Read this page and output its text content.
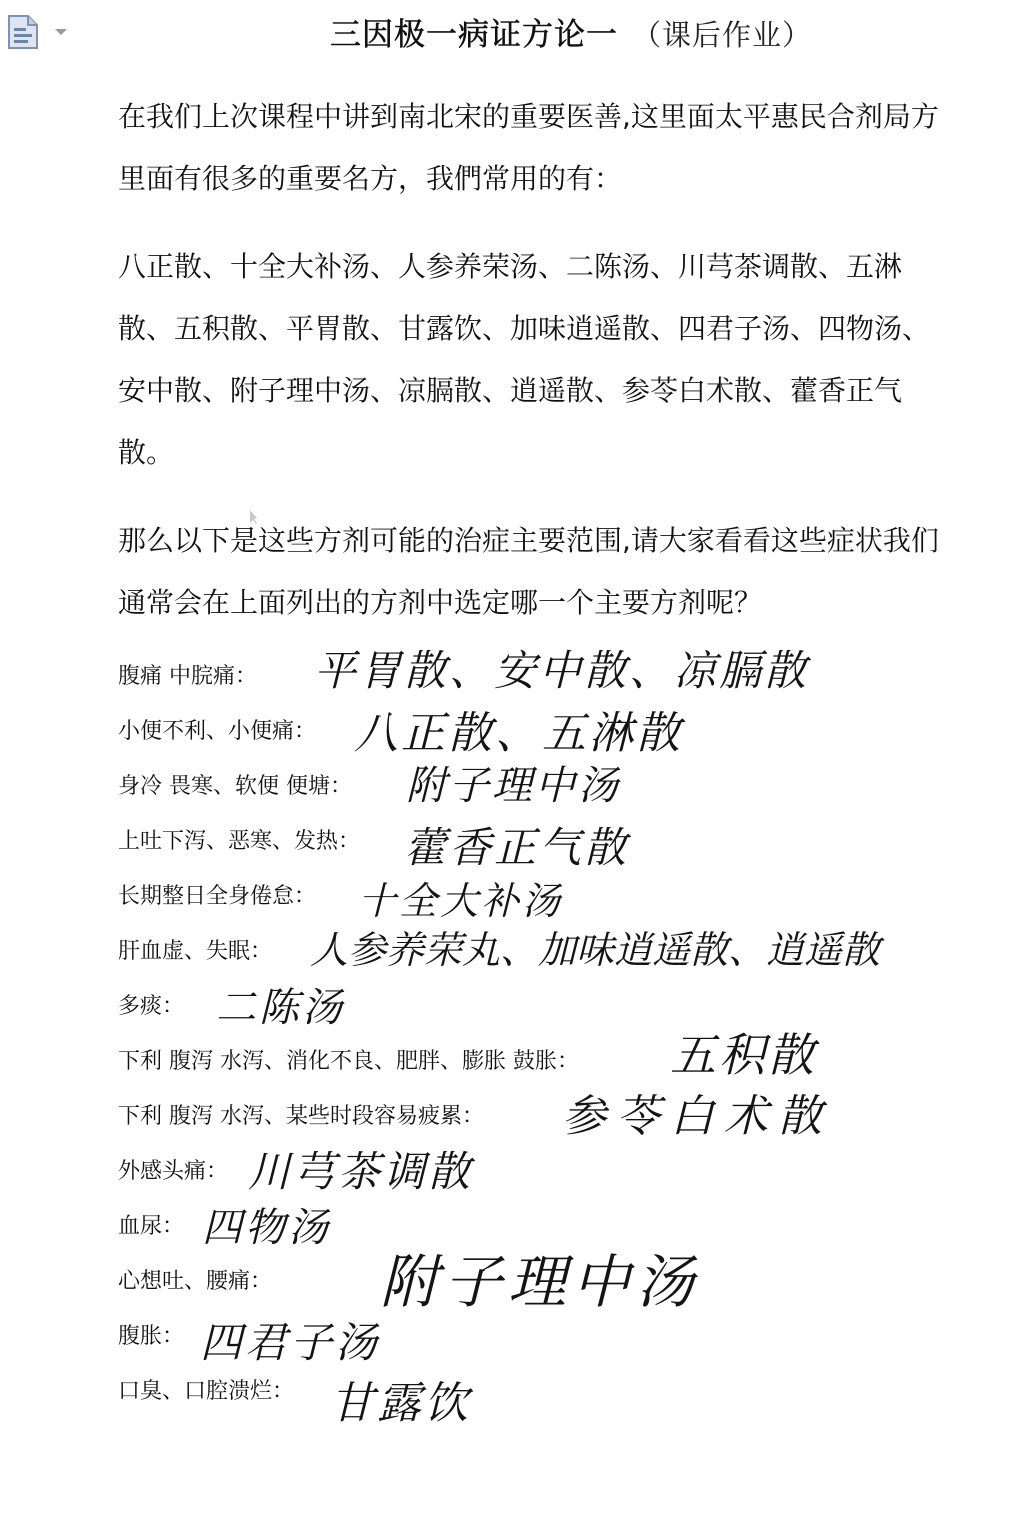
三因极一病证方论一 （课后作业）

在我们上次课程中讲到南北宋的重要医善,这里面太平惠民合剂局方里面有很多的重要名方，我們常用的有：

八正散、十全大补汤、人参养荣汤、二陈汤、川芎茶调散、五淋散、五积散、平胃散、甘露饮、加味逍遥散、四君子汤、四物汤、安中散、附子理中汤、凉膈散、逍遥散、参苓白术散、藿香正气散。

那么以下是这些方剂可能的治症主要范围,请大家看看这些症状我们通常会在上面列出的方剂中选定哪一个主要方剂呢？

腹痛 中脘痛： 平胃散、安中散、凉膈散
小便不利、小便痛： 八正散、五淋散
身冷 畏寒、软便 便塘： 附子理中汤
上吐下泻、恶寒、发热： 藿香正气散
长期整日全身倦怠： 十全大补汤
肝血虚、失眠： 人参养荣丸、加味逍遥散、逍遥散
多痰： 二陈汤
下利 腹泻 水泻、消化不良、肥胖、膨胀 鼓胀： 五积散
下利 腹泻 水泻、某些时段容易疲累： 参苓白术散
外感头痛： 川芎茶调散
血尿： 四物汤
心想吐、腰痛： 附子理中汤
腹胀： 四君子汤
口臭、口腔溃烂： 甘露饮
